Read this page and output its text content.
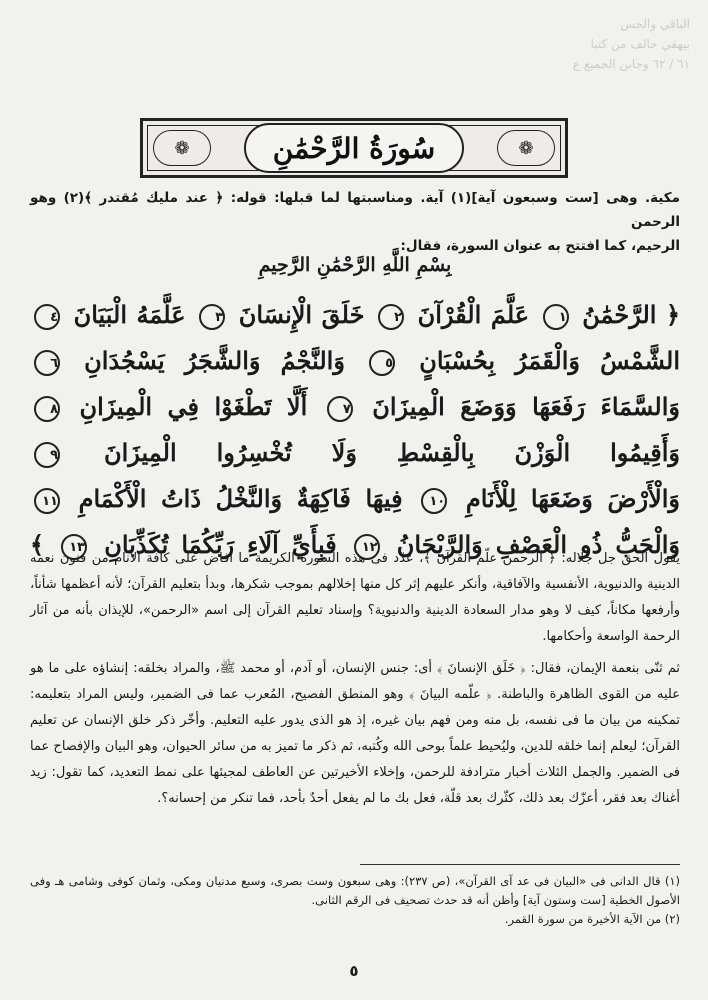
الباقي والحس
بيهقي خالف من كتبا
٦١ / ٦٢ وجابن الجميع ع
❁
سُورَةُ الرَّحْمَٰنِ
❁

مكية. وهى [ست وسبعون آية](١) آية. ومناسبتها لما قبلها: قوله: ﴿ عند مليك مُقتدر ﴾(٢) وهو الرحمن

الرحيم، كما افتتح به عنوان السورة، فقال:

بِسْمِ اللَّهِ الرَّحْمَٰنِ الرَّحِيمِ
﴿ الرَّحْمَٰنُ ١ عَلَّمَ الْقُرْآنَ ٢ خَلَقَ الْإِنسَانَ ٣ عَلَّمَهُ الْبَيَانَ ٤
الشَّمْسُ وَالْقَمَرُ بِحُسْبَانٍ ٥ وَالنَّجْمُ وَالشَّجَرُ يَسْجُدَانِ ٦
وَالسَّمَاءَ رَفَعَهَا وَوَضَعَ الْمِيزَانَ ٧ أَلَّا تَطْغَوْا فِي الْمِيزَانِ ٨
وَأَقِيمُوا الْوَزْنَ بِالْقِسْطِ وَلَا تُخْسِرُوا الْمِيزَانَ ٩
وَالْأَرْضَ وَضَعَهَا لِلْأَنَامِ ١٠ فِيهَا فَاكِهَةٌ وَالنَّخْلُ ذَاتُ الْأَكْمَامِ ١١
وَالْحَبُّ ذُو الْعَصْفِ وَالرَّيْحَانُ ١٢ فَبِأَيِّ آلَاءِ رَبِّكُمَا تُكَذِّبَانِ ١٣ ﴾

يقول الحق جل جلاله: ﴿ الرحمن علّم القرآن ﴾، عدّد فى هذه السورة الكريمة ما أفاض على كافة الأنام من فنون نعمه الدينية والدنيوية، الأنفسية والآفاقية، وأنكر عليهم إثر كل منها إخلالهم بموجب شكرها، وبدأ بتعليم القرآن؛ لأنه أعظمها شأناً، وأرفعها مكاناً، كيف لا وهو مدار السعادة الدينية والدنيوية؟ وإسناد تعليم القرآن إلى اسم «الرحمن»، للإيذان بأنه من آثار الرحمة الواسعة وأحكامها.

ثم ثنّى بنعمة الإيمان، فقال: ﴿ خَلَق الإنسانَ ﴾ أى: جنس الإنسان، أو آدم، أو محمد ﷺ، والمراد بخلقه: إنشاؤه على ما هو عليه من القوى الظاهرة والباطنة. ﴿ علّمه البيانَ ﴾ وهو المنطق الفصيح، المُعرب عما فى الضمير، وليس المراد بتعليمه: تمكينه من بيان ما فى نفسه، بل منه ومن فهم بيان غيره، إذ هو الذى يدور عليه التعليم. وأخّر ذكر خلق الإنسان عن تعليم القرآن؛ ليعلم إنما خلقه للدين، وليُحيط علماً بوحى الله وكُتبه، ثم ذكر ما تميز به من سائر الحيوان، وهو البيان والإفصاح عما فى الضمير. والجمل الثلاث أخبار مترادفة للرحمن، وإخلاء الأخيرتين عن العاطف لمجيئها على نمط التعديد، كما تقول: زيد أغناك بعد فقر، أعزّك بعد ذلك، كثّرك بعد قلّة، فعل بك ما لم يفعل أحدٌ بأحد، فما تنكر من إحسانه؟.

(١) قال الدانى فى «البيان فى عد آى القرآن»، (ص ٢٣٧): وهى سبعون وست بصرى، وسبع مدنيان ومكى، وثمان كوفى وشامى هـ وفى الأصول الخطية [ست وستون آية] وأظن أنه قد حدث تصحيف فى الرقم الثانى.

(٢) من الآية الأخيرة من سورة القمر.

٥
